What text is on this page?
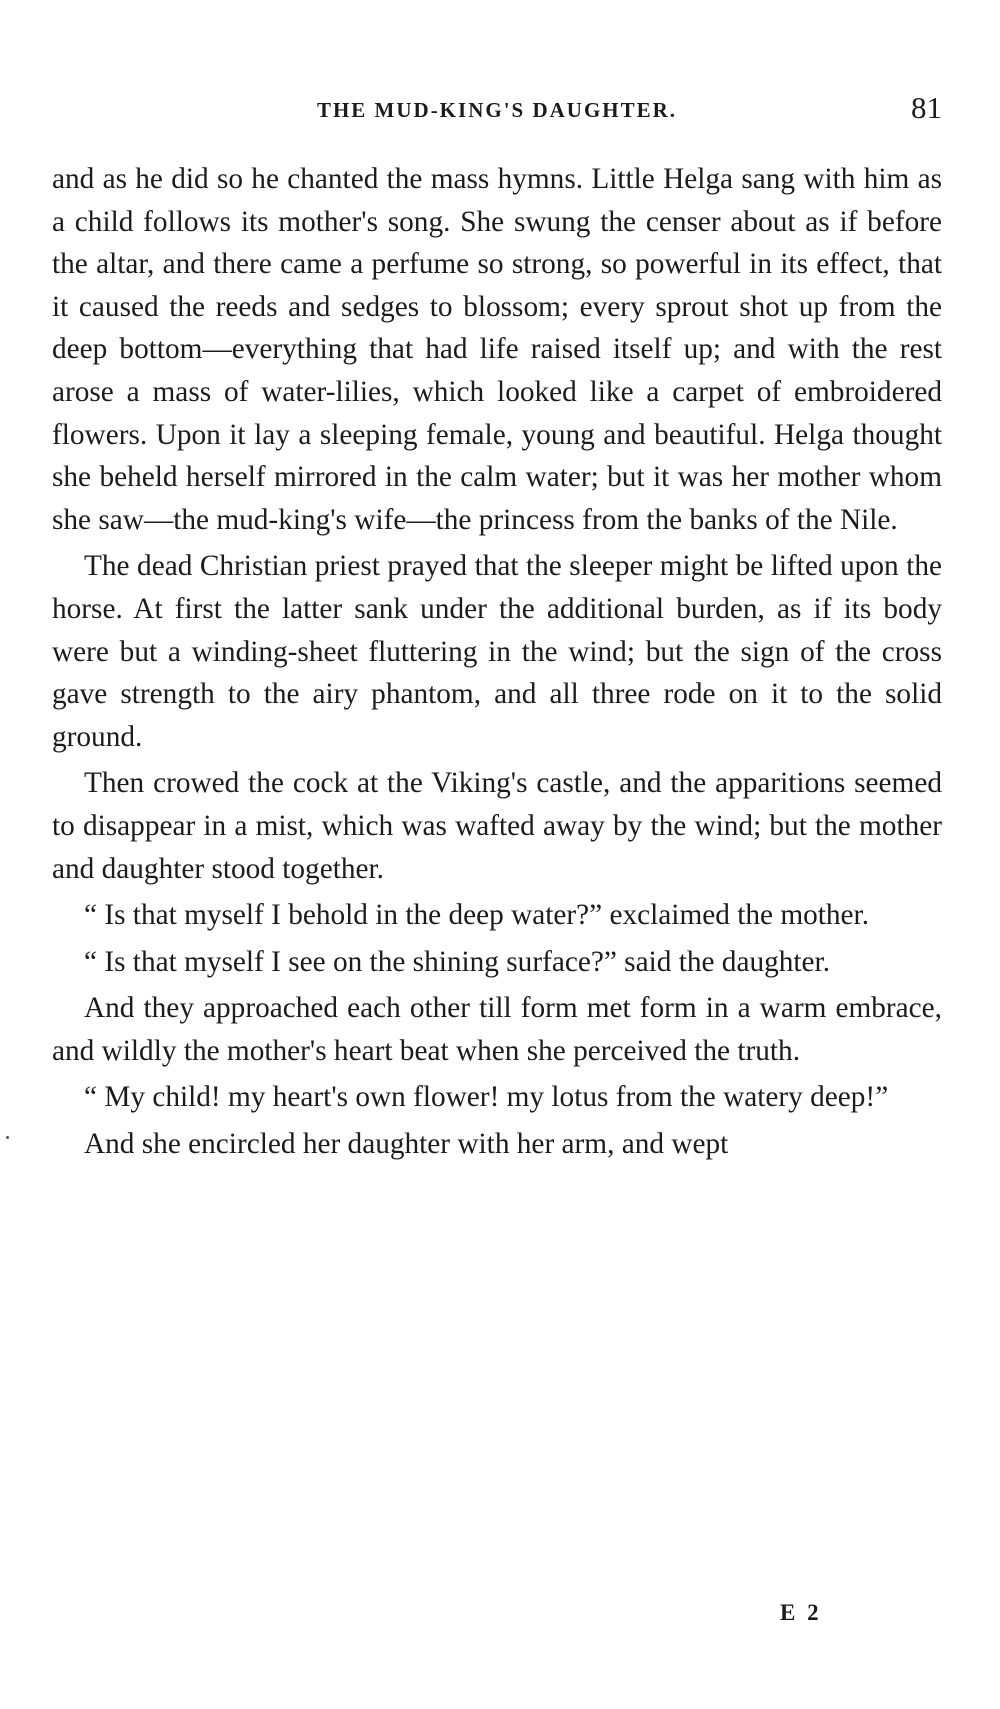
THE MUD-KING'S DAUGHTER.	81

and as he did so he chanted the mass hymns. Little Helga sang with him as a child follows its mother's song. She swung the censer about as if before the altar, and there came a perfume so strong, so powerful in its effect, that it caused the reeds and sedges to blossom; every sprout shot up from the deep bottom—everything that had life raised itself up; and with the rest arose a mass of water-lilies, which looked like a carpet of embroidered flowers. Upon it lay a sleeping female, young and beautiful. Helga thought she beheld herself mirrored in the calm water; but it was her mother whom she saw—the mud-king's wife—the princess from the banks of the Nile.

The dead Christian priest prayed that the sleeper might be lifted upon the horse. At first the latter sank under the additional burden, as if its body were but a winding-sheet fluttering in the wind; but the sign of the cross gave strength to the airy phantom, and all three rode on it to the solid ground.

Then crowed the cock at the Viking's castle, and the apparitions seemed to disappear in a mist, which was wafted away by the wind; but the mother and daughter stood together.

“ Is that myself I behold in the deep water?” exclaimed the mother.

“ Is that myself I see on the shining surface?” said the daughter.

And they approached each other till form met form in a warm embrace, and wildly the mother's heart beat when she perceived the truth.

“ My child! my heart's own flower! my lotus from the watery deep!”

And she encircled her daughter with her arm, and wept

E 2
